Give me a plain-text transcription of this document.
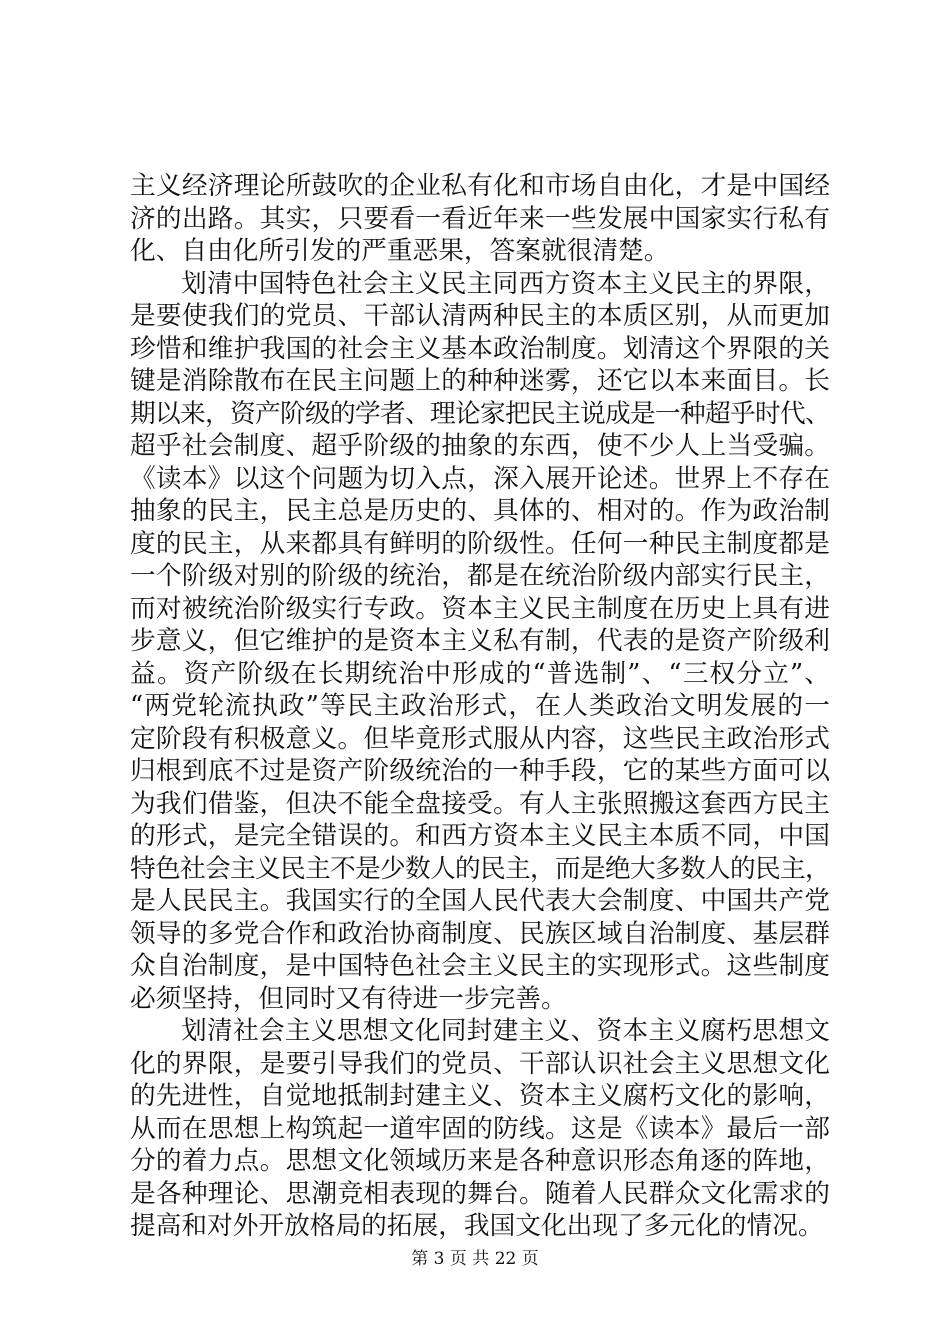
主义经济理论所鼓吹的企业私有化和市场自由化，才是中国经
济的出路。其实，只要看一看近年来一些发展中国家实行私有
化、自由化所引发的严重恶果，答案就很清楚。
划清中国特色社会主义民主同西方资本主义民主的界限，
是要使我们的党员、干部认清两种民主的本质区别，从而更加
珍惜和维护我国的社会主义基本政治制度。划清这个界限的关
键是消除散布在民主问题上的种种迷雾，还它以本来面目。长
期以来，资产阶级的学者、理论家把民主说成是一种超乎时代、
超乎社会制度、超乎阶级的抽象的东西，使不少人上当受骗。
《读本》以这个问题为切入点，深入展开论述。世界上不存在
抽象的民主，民主总是历史的、具体的、相对的。作为政治制
度的民主，从来都具有鲜明的阶级性。任何一种民主制度都是
一个阶级对别的阶级的统治，都是在统治阶级内部实行民主，
而对被统治阶级实行专政。资本主义民主制度在历史上具有进
步意义，但它维护的是资本主义私有制，代表的是资产阶级利
益。资产阶级在长期统治中形成的“普选制”、“三权分立”、
“两党轮流执政”等民主政治形式，在人类政治文明发展的一
定阶段有积极意义。但毕竟形式服从内容，这些民主政治形式
归根到底不过是资产阶级统治的一种手段，它的某些方面可以
为我们借鉴，但决不能全盘接受。有人主张照搬这套西方民主
的形式，是完全错误的。和西方资本主义民主本质不同，中国
特色社会主义民主不是少数人的民主，而是绝大多数人的民主，
是人民民主。我国实行的全国人民代表大会制度、中国共产党
领导的多党合作和政治协商制度、民族区域自治制度、基层群
众自治制度，是中国特色社会主义民主的实现形式。这些制度
必须坚持，但同时又有待进一步完善。
划清社会主义思想文化同封建主义、资本主义腐朽思想文
化的界限，是要引导我们的党员、干部认识社会主义思想文化
的先进性，自觉地抵制封建主义、资本主义腐朽文化的影响，
从而在思想上构筑起一道牢固的防线。这是《读本》最后一部
分的着力点。思想文化领域历来是各种意识形态角逐的阵地，
是各种理论、思潮竞相表现的舞台。随着人民群众文化需求的
提高和对外开放格局的拓展，我国文化出现了多元化的情况。
第 3 页 共 22 页
